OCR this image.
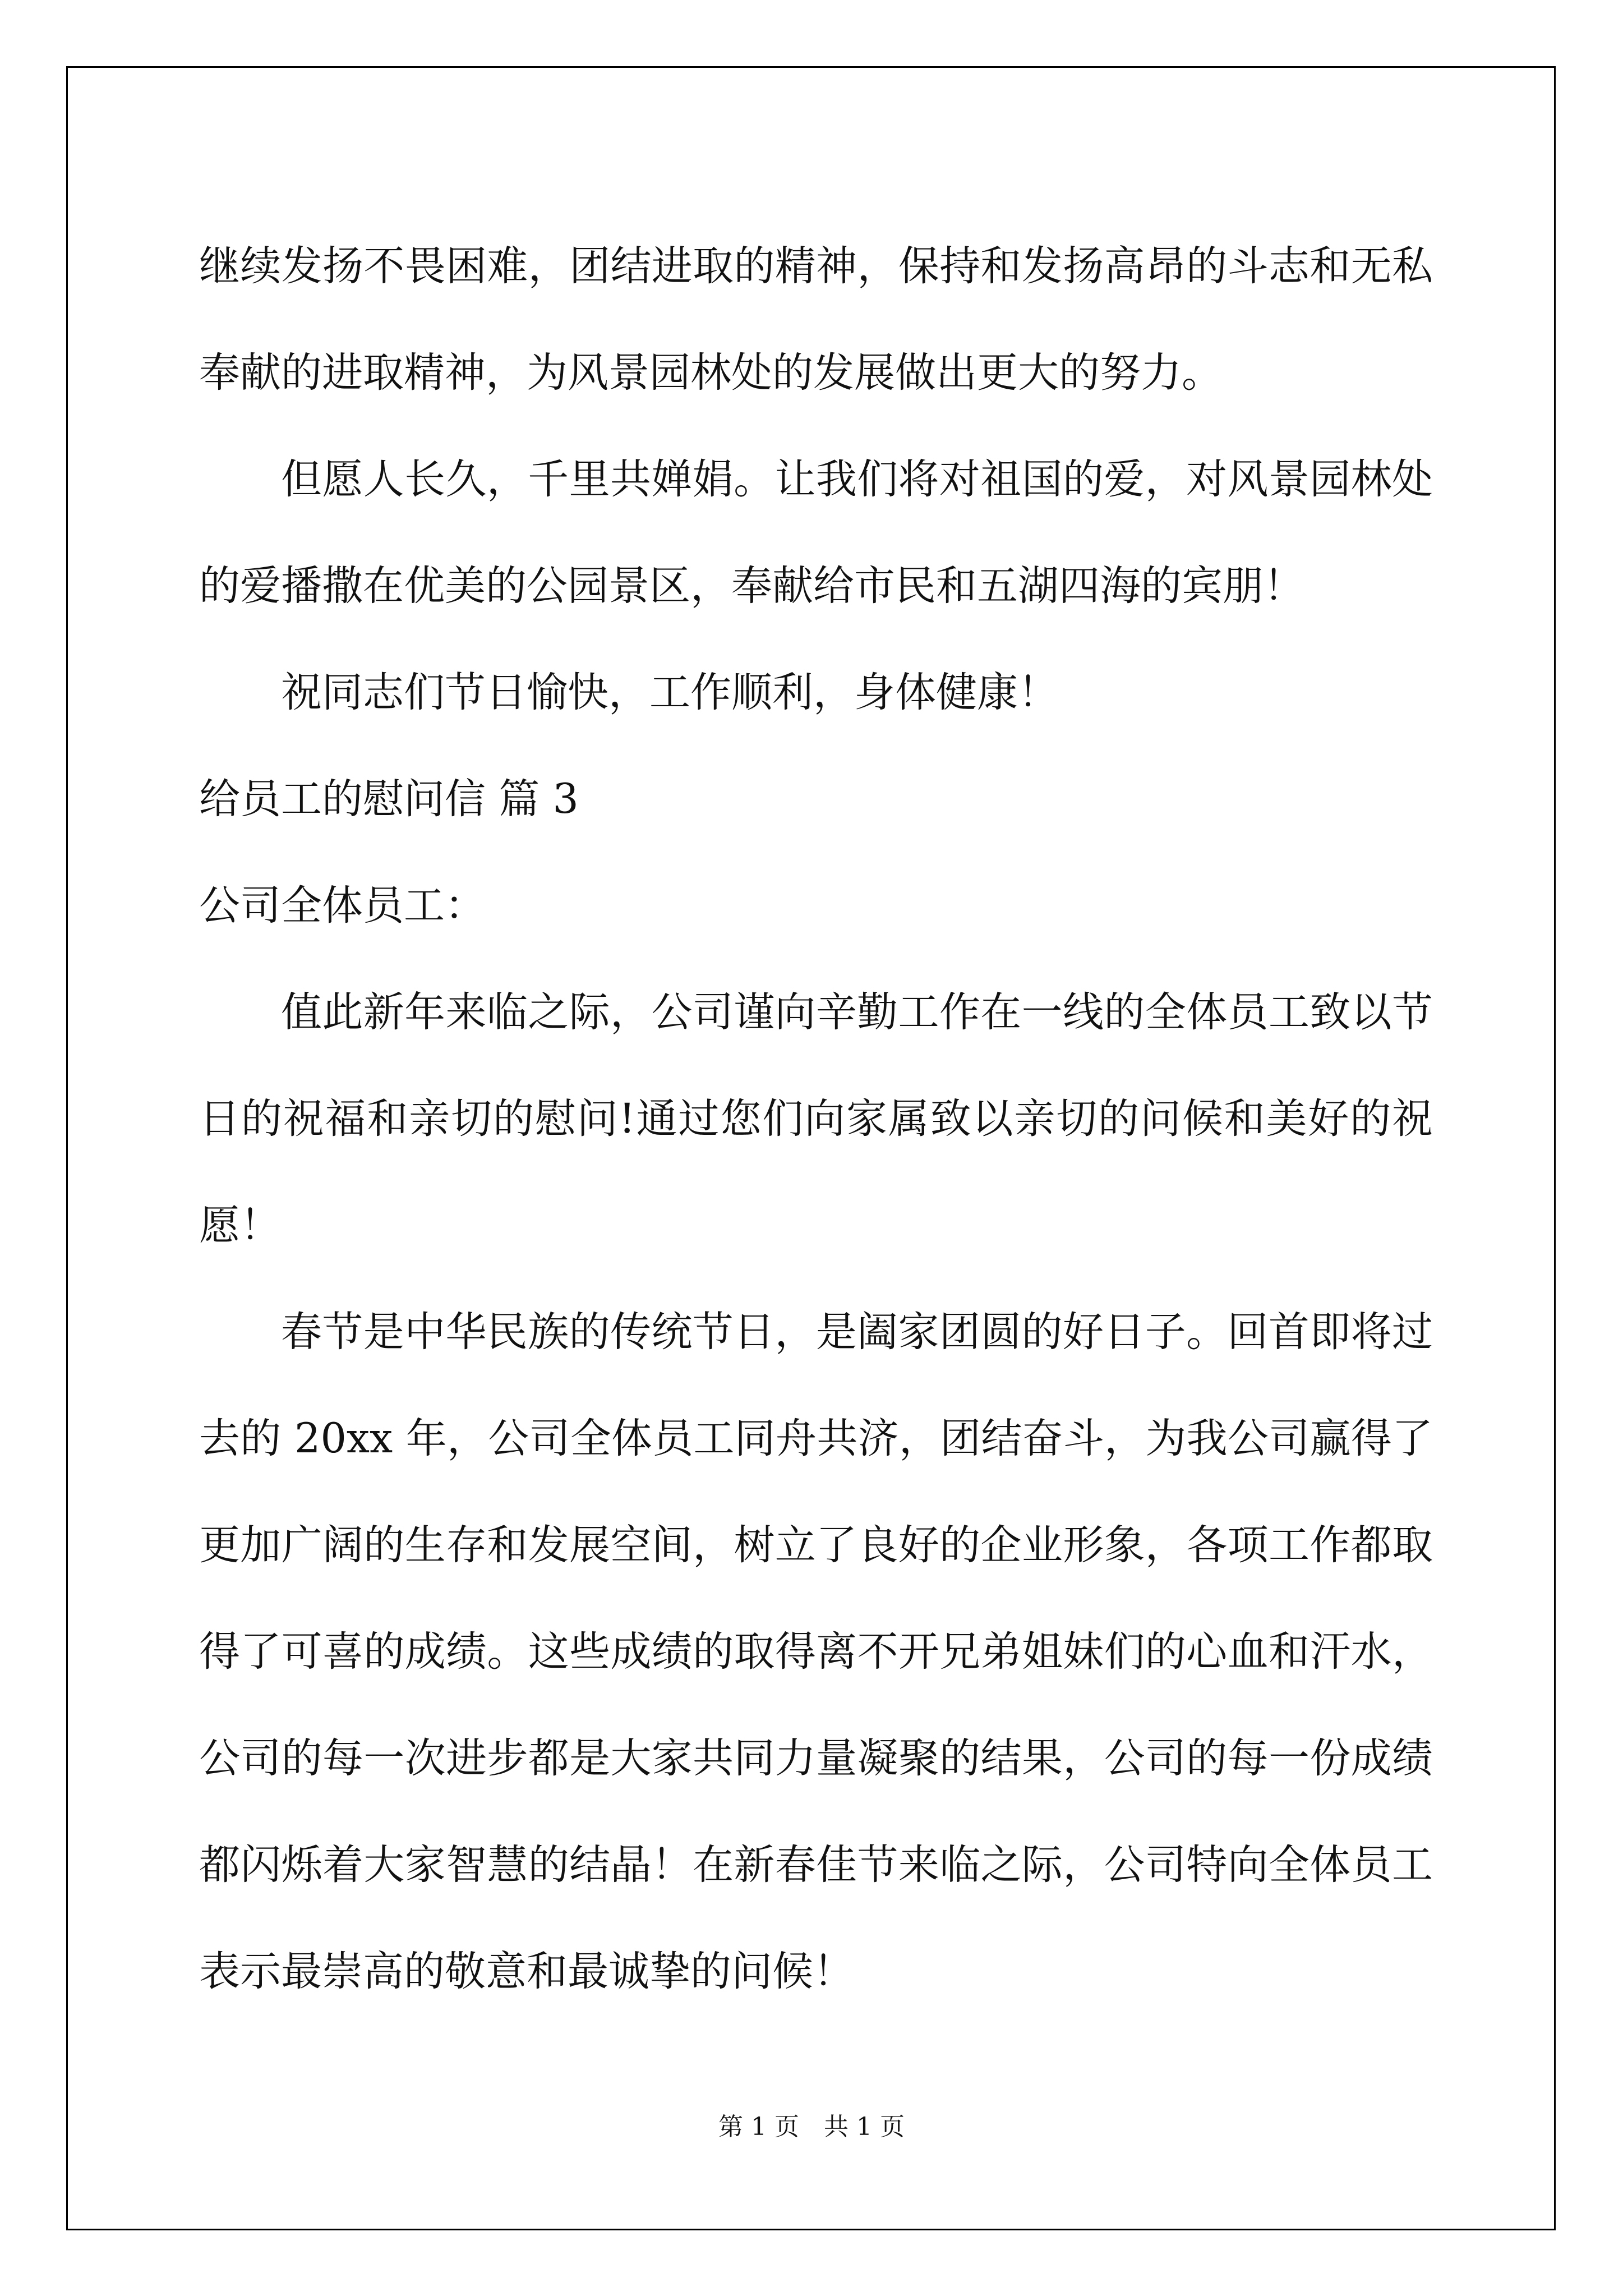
继续发扬不畏困难，团结进取的精神，保持和发扬高昂的斗志和无私奉献的进取精神，为风景园林处的发展做出更大的努力。

但愿人长久，千里共婵娟。让我们将对祖国的爱，对风景园林处的爱播撒在优美的公园景区，奉献给市民和五湖四海的宾朋！

祝同志们节日愉快，工作顺利，身体健康！

给员工的慰问信 篇 3

公司全体员工：

值此新年来临之际，公司谨向辛勤工作在一线的全体员工致以节日的祝福和亲切的慰问!通过您们向家属致以亲切的问候和美好的祝愿！

春节是中华民族的传统节日，是阖家团圆的好日子。回首即将过去的 20xx 年，公司全体员工同舟共济，团结奋斗，为我公司赢得了更加广阔的生存和发展空间，树立了良好的企业形象，各项工作都取得了可喜的成绩。这些成绩的取得离不开兄弟姐妹们的心血和汗水，公司的每一次进步都是大家共同力量凝聚的结果，公司的每一份成绩都闪烁着大家智慧的结晶！在新春佳节来临之际，公司特向全体员工表示最崇高的敬意和最诚挚的问候！

第 1 页　共 1 页
